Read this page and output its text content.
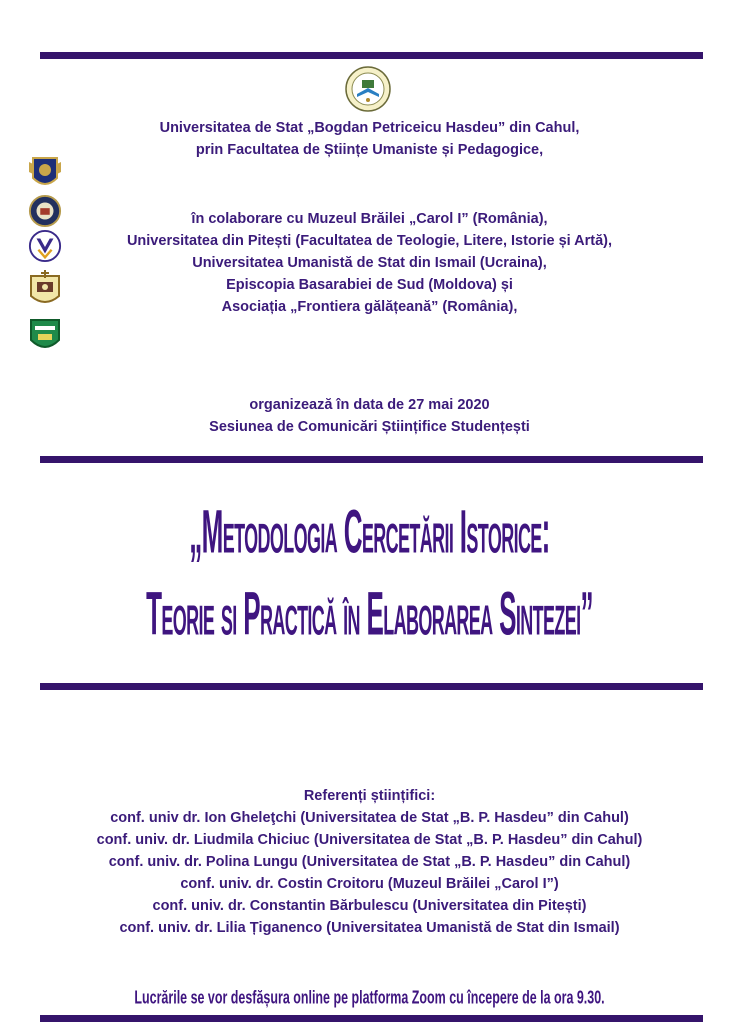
Universitatea de Stat „Bogdan Petriceicu Hasdeu” din Cahul,
prin Facultatea de Științe Umaniste și Pedagogice,
în colaborare cu Muzeul Brăilei „Carol I” (România),
Universitatea din Pitești (Facultatea de Teologie, Litere, Istorie și Artă),
Universitatea Umanistă de Stat din Ismail (Ucraina),
Episcopia Basarabiei de Sud (Moldova) și
Asociația „Frontiera gălățeană” (România),
organizează în data de 27 mai 2020
Sesiunea de Comunicări Științifice Studențești
„Metodologia Cercetării Istorice:
Teorie si Practică în Elaborarea Sintezei”
Referenți științifici:
conf. univ dr. Ion Gheleţchi (Universitatea de Stat „B. P. Hasdeu” din Cahul)
conf. univ. dr. Liudmila Chiciuc (Universitatea de Stat „B. P. Hasdeu” din Cahul)
conf. univ. dr. Polina Lungu (Universitatea de Stat „B. P. Hasdeu” din Cahul)
conf. univ. dr. Costin Croitoru (Muzeul Brăilei „Carol I”)
conf. univ. dr. Constantin Bărbulescu (Universitatea din Pitești)
conf. univ. dr. Lilia Țiganenco (Universitatea Umanistă de Stat din Ismail)
Lucrările se vor desfășura online pe platforma Zoom cu începere de la ora 9.30.
